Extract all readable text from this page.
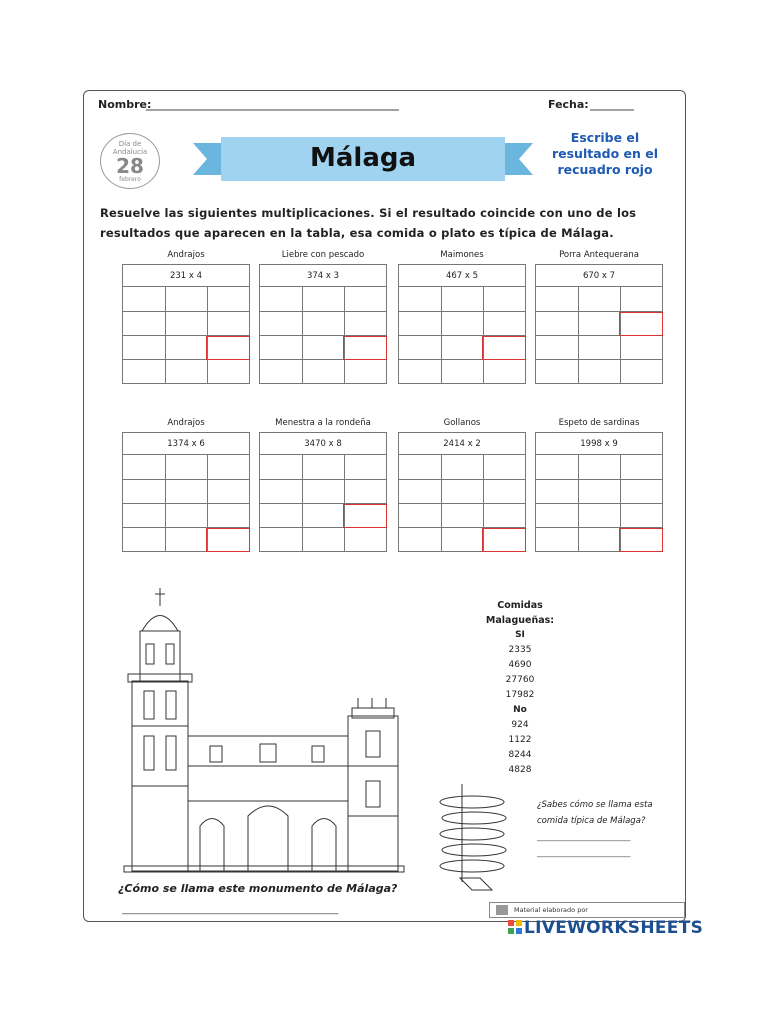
Nombre:
______________________________________________	Fecha: ________
Día de Andalucía
28
febrero
Málaga
Escribe el resultado en el recuadro rojo
Resuelve las siguientes multiplicaciones. Si el resultado coincide con uno de los resultados que aparecen en la tabla, esa comida o plato es típica de Málaga.
Andrajos
231 x 4

Liebre con pescado
374 x 3

Maimones
467 x 5

Porra Antequerana
670 x 7

Andrajos
1374 x 6

Menestra a la rondeña
3470 x 8

Gollanos
2414 x 2

Espeto de sardinas
1998 x 9

Comidas Malagueñas:
SI
2335
4690
27760
17982
No
924
1122
8244
4828
¿Sabes cómo se llama esta comida típica de Málaga?
______________________
______________________
¿Cómo se llama este monumento de Málaga?
_____________________________________________	Material elaborado por
LIVEWORKSHEETS
